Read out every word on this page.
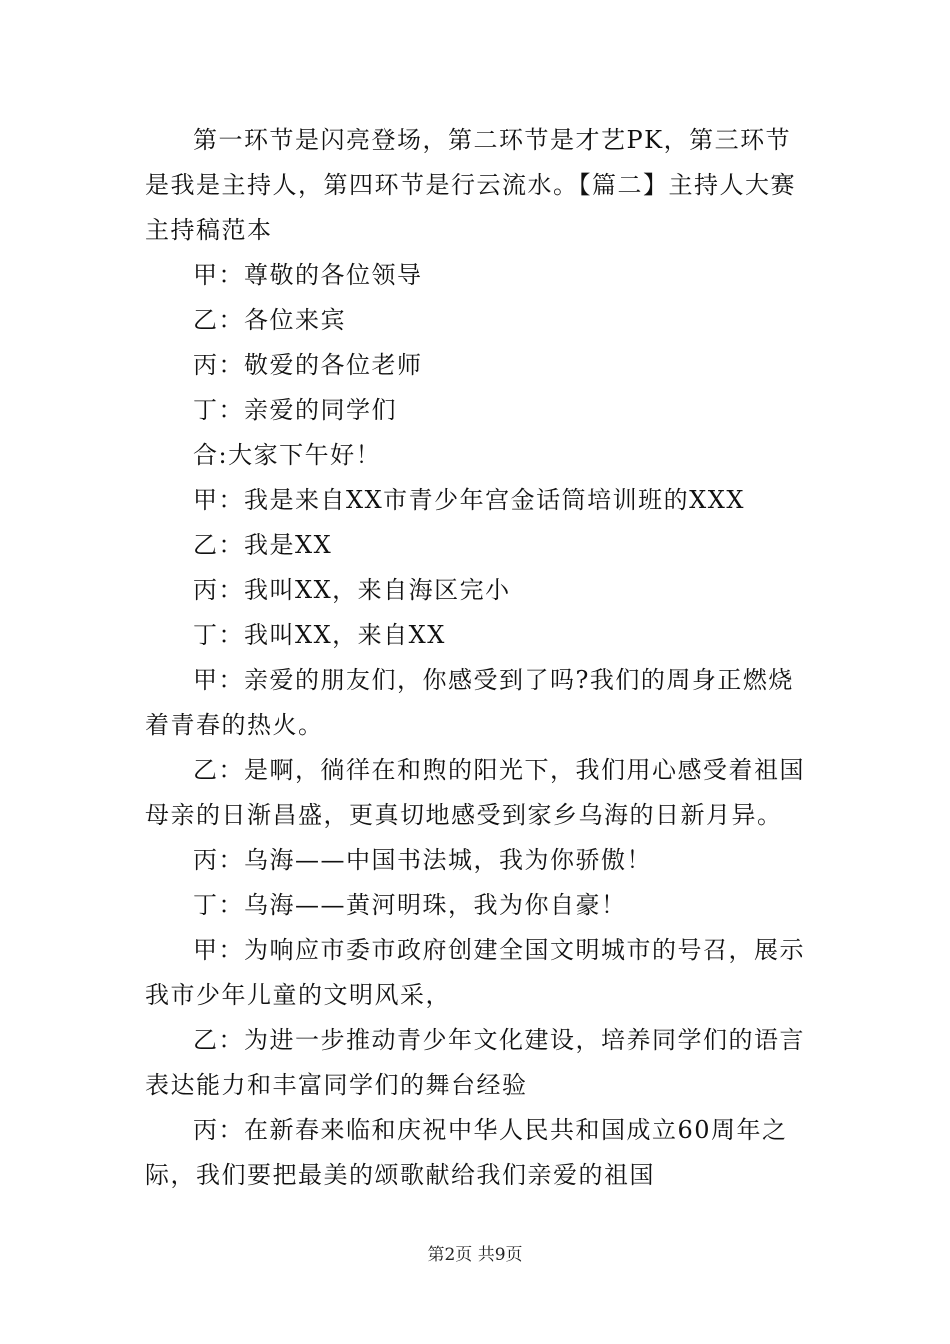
第一环节是闪亮登场，第二环节是才艺PK，第三环节是我是主持人，第四环节是行云流水。【篇二】主持人大赛主持稿范本

甲：尊敬的各位领导

乙：各位来宾

丙：敬爱的各位老师

丁：亲爱的同学们

合:大家下午好！

甲：我是来自XX市青少年宫金话筒培训班的XXX

乙：我是XX

丙：我叫XX，来自海区完小

丁：我叫XX，来自XX

甲：亲爱的朋友们，你感受到了吗?我们的周身正燃烧着青春的热火。

乙：是啊，徜徉在和煦的阳光下，我们用心感受着祖国母亲的日渐昌盛，更真切地感受到家乡乌海的日新月异。

丙：乌海——中国书法城，我为你骄傲！

丁：乌海——黄河明珠，我为你自豪！

甲：为响应市委市政府创建全国文明城市的号召，展示我市少年儿童的文明风采，

乙：为进一步推动青少年文化建设，培养同学们的语言表达能力和丰富同学们的舞台经验

丙：在新春来临和庆祝中华人民共和国成立60周年之际，我们要把最美的颂歌献给我们亲爱的祖国

第2页 共9页
